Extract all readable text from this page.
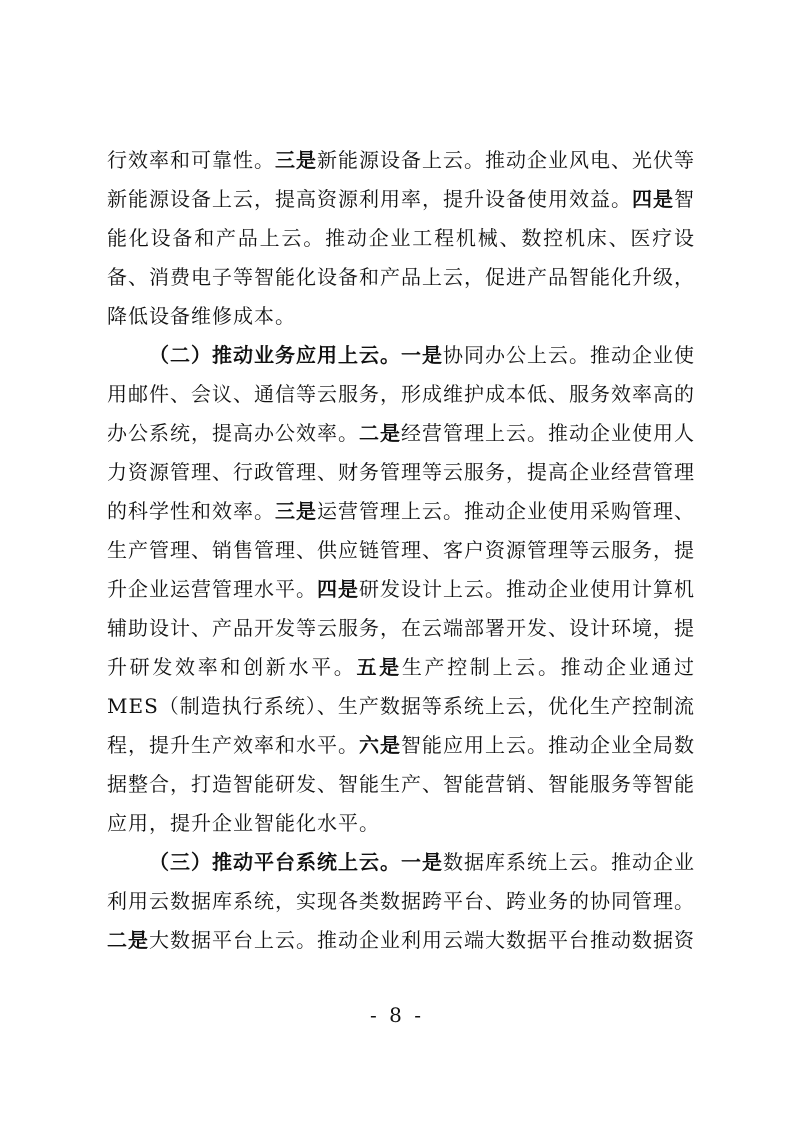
行效率和可靠性。三是新能源设备上云。推动企业风电、光伏等新能源设备上云，提高资源利用率，提升设备使用效益。四是智能化设备和产品上云。推动企业工程机械、数控机床、医疗设备、消费电子等智能化设备和产品上云，促进产品智能化升级，降低设备维修成本。

（二）推动业务应用上云。一是协同办公上云。推动企业使用邮件、会议、通信等云服务，形成维护成本低、服务效率高的办公系统，提高办公效率。二是经营管理上云。推动企业使用人力资源管理、行政管理、财务管理等云服务，提高企业经营管理的科学性和效率。三是运营管理上云。推动企业使用采购管理、生产管理、销售管理、供应链管理、客户资源管理等云服务，提升企业运营管理水平。四是研发设计上云。推动企业使用计算机辅助设计、产品开发等云服务，在云端部署开发、设计环境，提升研发效率和创新水平。五是生产控制上云。推动企业通过MES（制造执行系统）、生产数据等系统上云，优化生产控制流程，提升生产效率和水平。六是智能应用上云。推动企业全局数据整合，打造智能研发、智能生产、智能营销、智能服务等智能应用，提升企业智能化水平。

（三）推动平台系统上云。一是数据库系统上云。推动企业利用云数据库系统，实现各类数据跨平台、跨业务的协同管理。二是大数据平台上云。推动企业利用云端大数据平台推动数据资

- 8 -
